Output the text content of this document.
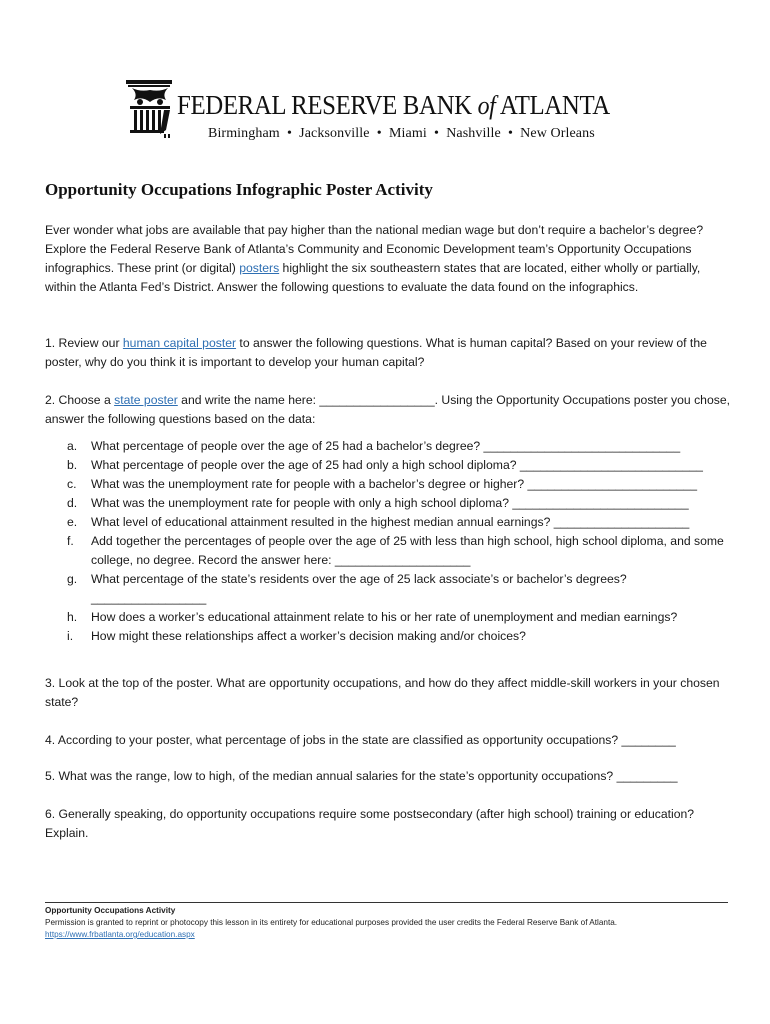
FEDERAL RESERVE BANK of ATLANTA
Birmingham  •  Jacksonville  •  Miami  •  Nashville  •  New Orleans
Opportunity Occupations Infographic Poster Activity
Ever wonder what jobs are available that pay higher than the national median wage but don’t require a bachelor’s degree? Explore the Federal Reserve Bank of Atlanta’s Community and Economic Development team’s Opportunity Occupations infographics. These print (or digital) posters highlight the six southeastern states that are located, either wholly or partially, within the Atlanta Fed’s District. Answer the following questions to evaluate the data found on the infographics.
1. Review our human capital poster to answer the following questions. What is human capital? Based on your review of the poster, why do you think it is important to develop your human capital?
2. Choose a state poster and write the name here: _________________. Using the Opportunity Occupations poster you chose, answer the following questions based on the data:
a. What percentage of people over the age of 25 had a bachelor’s degree? _____________________________
b. What percentage of people over the age of 25 had only a high school diploma? ___________________________
c. What was the unemployment rate for people with a bachelor’s degree or higher? _________________________
d. What was the unemployment rate for people with only a high school diploma? __________________________
e. What level of educational attainment resulted in the highest median annual earnings? ____________________
f. Add together the percentages of people over the age of 25 with less than high school, high school diploma, and some college, no degree. Record the answer here: ____________________
g. What percentage of the state’s residents over the age of 25 lack associate’s or bachelor’s degrees? _________________
h. How does a worker’s educational attainment relate to his or her rate of unemployment and median earnings?
i. How might these relationships affect a worker’s decision making and/or choices?
3. Look at the top of the poster. What are opportunity occupations, and how do they affect middle-skill workers in your chosen state?
4. According to your poster, what percentage of jobs in the state are classified as opportunity occupations? ________
5. What was the range, low to high, of the median annual salaries for the state’s opportunity occupations? _________
6. Generally speaking, do opportunity occupations require some postsecondary (after high school) training or education? Explain.
Opportunity Occupations Activity
Permission is granted to reprint or photocopy this lesson in its entirety for educational purposes provided the user credits the Federal Reserve Bank of Atlanta.
https://www.frbatlanta.org/education.aspx
